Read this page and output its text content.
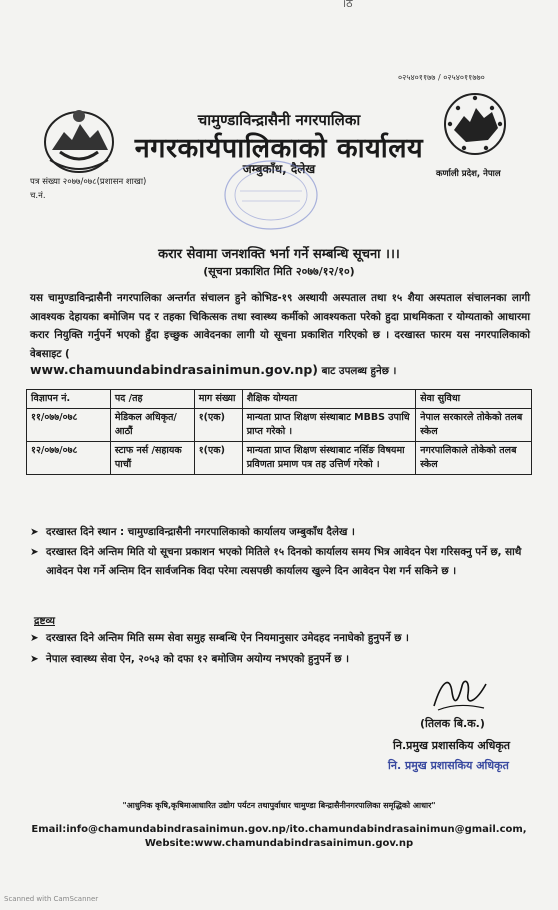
।ठ
०२५४०११७७ / ०२५४०११७७०
कर्णाली प्रदेश, नेपाल
चामुण्डाविन्द्रासैनी नगरपालिका
नगरकार्यपालिकाको कार्यालय
जम्बुकाँध, दैलेख
पत्र संख्या २०७७/०७८(प्रशासन शाखा)
च.नं.
करार सेवामा जनशक्ति भर्ना गर्ने सम्बन्धि सूचना ।।।
(सूचना प्रकाशित मिति २०७७/१२/१०)
यस चामुण्डाविन्द्रासैनी नगरपालिका अन्तर्गत संचालन हुने कोभिड-१९ अस्थायी अस्पताल तथा १५ शैया अस्पताल संचालनका लागी आवश्यक देहायका बमोजिम पद र तहका चिकित्सक तथा स्वास्थ्य कर्मीको आवश्यकता परेको हुदा प्राथमिकता र योग्यताको आधारमा करार नियुक्ति गर्नुपर्ने भएको हुँदा इच्छुक आवेदनका लागी यो सूचना प्रकाशित गरिएको छ । दरखास्त फारम यस नगरपालिकाको वेबसाइट (
www.chamuundabindrasainimun.gov.np) बाट उपलब्ध हुनेछ ।
विज्ञापन नं.	पद /तह	माग संख्या	शैक्षिक योग्यता	सेवा सुविधा
११/०७७/०७८	मेडिकल अधिकृत/आठौं	१(एक)	मान्यता प्राप्त शिक्षण संस्थाबाट MBBS उपाधि प्राप्त गरेको ।	नेपाल सरकारले तोकेको तलब स्केल
१२/०७७/०७८	स्टाफ नर्स /सहायक पाचौं	१(एक)	मान्यता प्राप्त शिक्षण संस्थाबाट नर्सिङ विषयमा प्रविणता प्रमाण पत्र तह उत्तिर्ण गरेको ।	नगरपालिकाले तोकेको तलब स्केल
➤ दरखास्त दिने स्थान : चामुण्डाविन्द्रासैनी नगरपालिकाको कार्यालय जम्बुकाँध दैलेख ।
➤ दरखास्त दिने अन्तिम मिति यो सूचना प्रकाशन भएको मितिले १५ दिनको कार्यालय समय भित्र आवेदन पेश गरिसक्नु पर्ने छ, साथै आवेदन पेश गर्ने अन्तिम दिन सार्वजनिक विदा परेमा त्यसपछी कार्यालय खुल्ने दिन आवेदन पेश गर्न सकिने छ ।
द्रष्टव्य
➤ दरखास्त दिने अन्तिम मिति सम्म सेवा समुह सम्बन्धि ऐन नियमानुसार उमेदहद ननाघेको हुनुपर्ने छ ।
➤ नेपाल स्वास्थ्य सेवा ऐन, २०५३ को दफा १२ बमोजिम अयोग्य नभएको हुनुपर्ने छ ।
(तिलक बि.क.)
नि.प्रमुख प्रशासकिय अधिकृत
नि. प्रमुख प्रशासकिय अधिकृत
"आधुनिक कृषि,कृषिमाआधारित उद्योग पर्यटन तथापुर्वाधार चामुण्डा बिन्द्रासैनीनगरपालिका समृद्धिको आधार"
Email:info@chamundabindrasainimun.gov.np/ito.chamundabindrasainimun@gmail.com,
Website:www.chamundabindrasainimun.gov.np
Scanned with CamScanner
